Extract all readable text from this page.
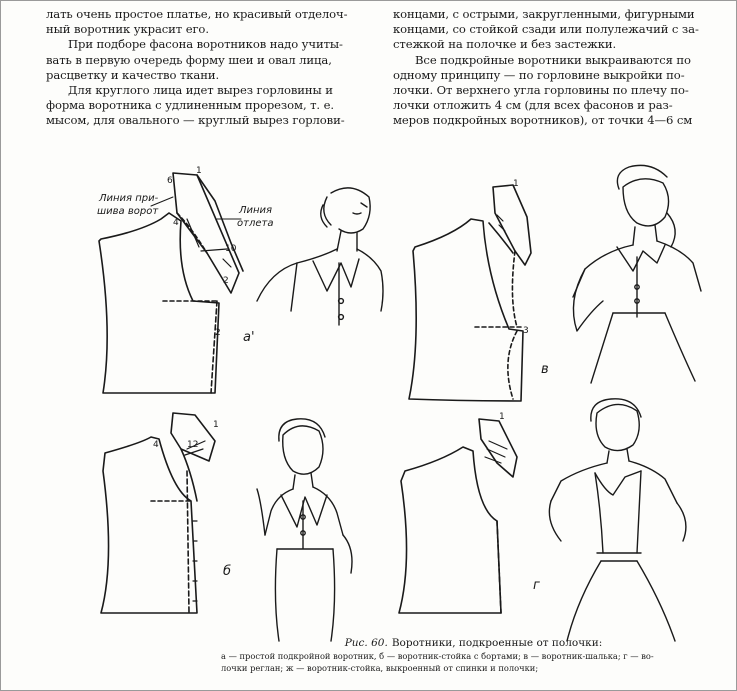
лать очень простое платье, но красивый отделоч-

ный воротник украсит его.

При подборе фасона воротников надо учиты-

вать в первую очередь форму шеи и овал лица,

расцветку и качество ткани.

Для круглого лица идет вырез горловины и

форма воротника с удлиненным прорезом, т. е.

мысом, для овального — круглый вырез горлови-

концами, с острыми, закругленными, фигурными

концами, со стойкой сзади или полулежачий с за-

стежкой на полочке и без застежки.

Все подкройные воротники выкраиваются по

одному принципу — по горловине выкройки по-

лочки. От верхнего угла горловины по плечу по-

лочки отложить 4 см (для всех фасонов и раз-

меров подкройных воротников), от точки 4—6 см

Линия при-
шива ворот	Линия
отлета
6
1
4
10
2
2 а'
1
3
в
1
12
4
б
1
г
Рис. 60. Воротники, подкроенные от полочки:
а — простой подкройной воротник, б — воротник-стойка с бортами; в — воротник-шалька; г — во-
лочки реглан; ж — воротник-стойка, выкроенный от спинки и полочки;
